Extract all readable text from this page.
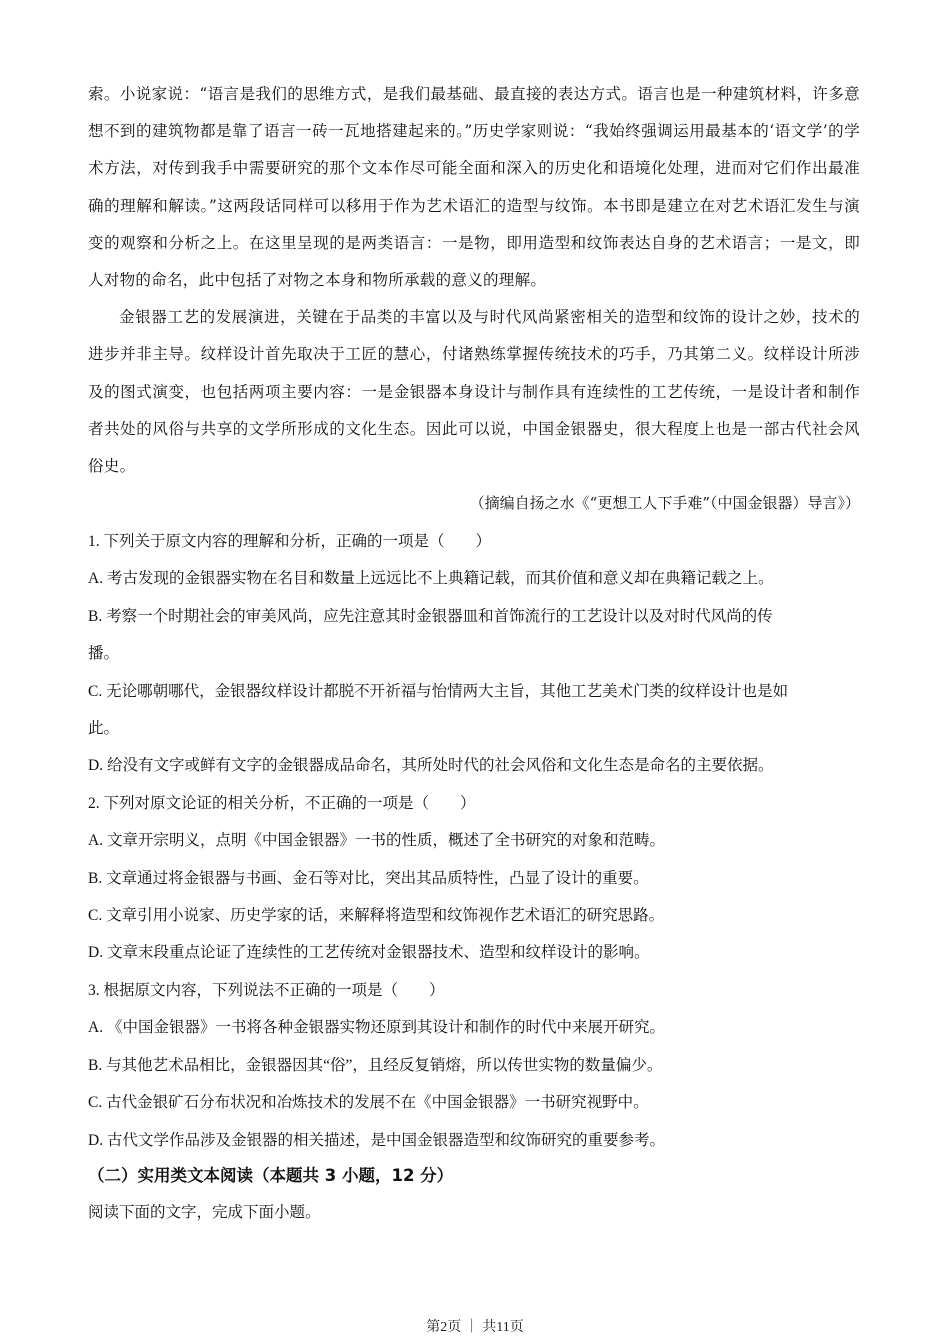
索。小说家说：“语言是我们的思维方式，是我们最基础、最直接的表达方式。语言也是一种建筑材料，许多意想不到的建筑物都是靠了语言一砖一瓦地搭建起来的。”历史学家则说：“我始终强调运用最基本的‘语文学’的学术方法，对传到我手中需要研究的那个文本作尽可能全面和深入的历史化和语境化处理，进而对它们作出最准确的理解和解读。”这两段话同样可以移用于作为艺术语汇的造型与纹饰。本书即是建立在对艺术语汇发生与演变的观察和分析之上。在这里呈现的是两类语言：一是物，即用造型和纹饰表达自身的艺术语言；一是文，即人对物的命名，此中包括了对物之本身和物所承载的意义的理解。

金银器工艺的发展演进，关键在于品类的丰富以及与时代风尚紧密相关的造型和纹饰的设计之妙，技术的进步并非主导。纹样设计首先取决于工匠的慧心，付诸熟练掌握传统技术的巧手，乃其第二义。纹样设计所涉及的图式演变，也包括两项主要内容：一是金银器本身设计与制作具有连续性的工艺传统，一是设计者和制作者共处的风俗与共享的文学所形成的文化生态。因此可以说，中国金银器史，很大程度上也是一部古代社会风俗史。

（摘编自扬之水《“更想工人下手难”（中国金银器）导言》）

1. 下列关于原文内容的理解和分析，正确的一项是（　　）

A. 考古发现的金银器实物在名目和数量上远远比不上典籍记载，而其价值和意义却在典籍记载之上。

B. 考察一个时期社会的审美风尚，应先注意其时金银器皿和首饰流行的工艺设计以及对时代风尚的传

播。

C. 无论哪朝哪代，金银器纹样设计都脱不开祈福与怡情两大主旨，其他工艺美术门类的纹样设计也是如

此。

D. 给没有文字或鲜有文字的金银器成品命名，其所处时代的社会风俗和文化生态是命名的主要依据。

2. 下列对原文论证的相关分析，不正确的一项是（　　）

A. 文章开宗明义，点明《中国金银器》一书的性质，概述了全书研究的对象和范畴。

B. 文章通过将金银器与书画、金石等对比，突出其品质特性，凸显了设计的重要。

C. 文章引用小说家、历史学家的话，来解释将造型和纹饰视作艺术语汇的研究思路。

D. 文章末段重点论证了连续性的工艺传统对金银器技术、造型和纹样设计的影响。

3. 根据原文内容，下列说法不正确的一项是（　　）

A. 《中国金银器》一书将各种金银器实物还原到其设计和制作的时代中来展开研究。

B. 与其他艺术品相比，金银器因其“俗”，且经反复销熔，所以传世实物的数量偏少。

C. 古代金银矿石分布状况和冶炼技术的发展不在《中国金银器》一书研究视野中。

D. 古代文学作品涉及金银器的相关描述，是中国金银器造型和纹饰研究的重要参考。

（二）实用类文本阅读（本题共 3 小题，12 分）
阅读下面的文字，完成下面小题。
第2页 ｜ 共11页
